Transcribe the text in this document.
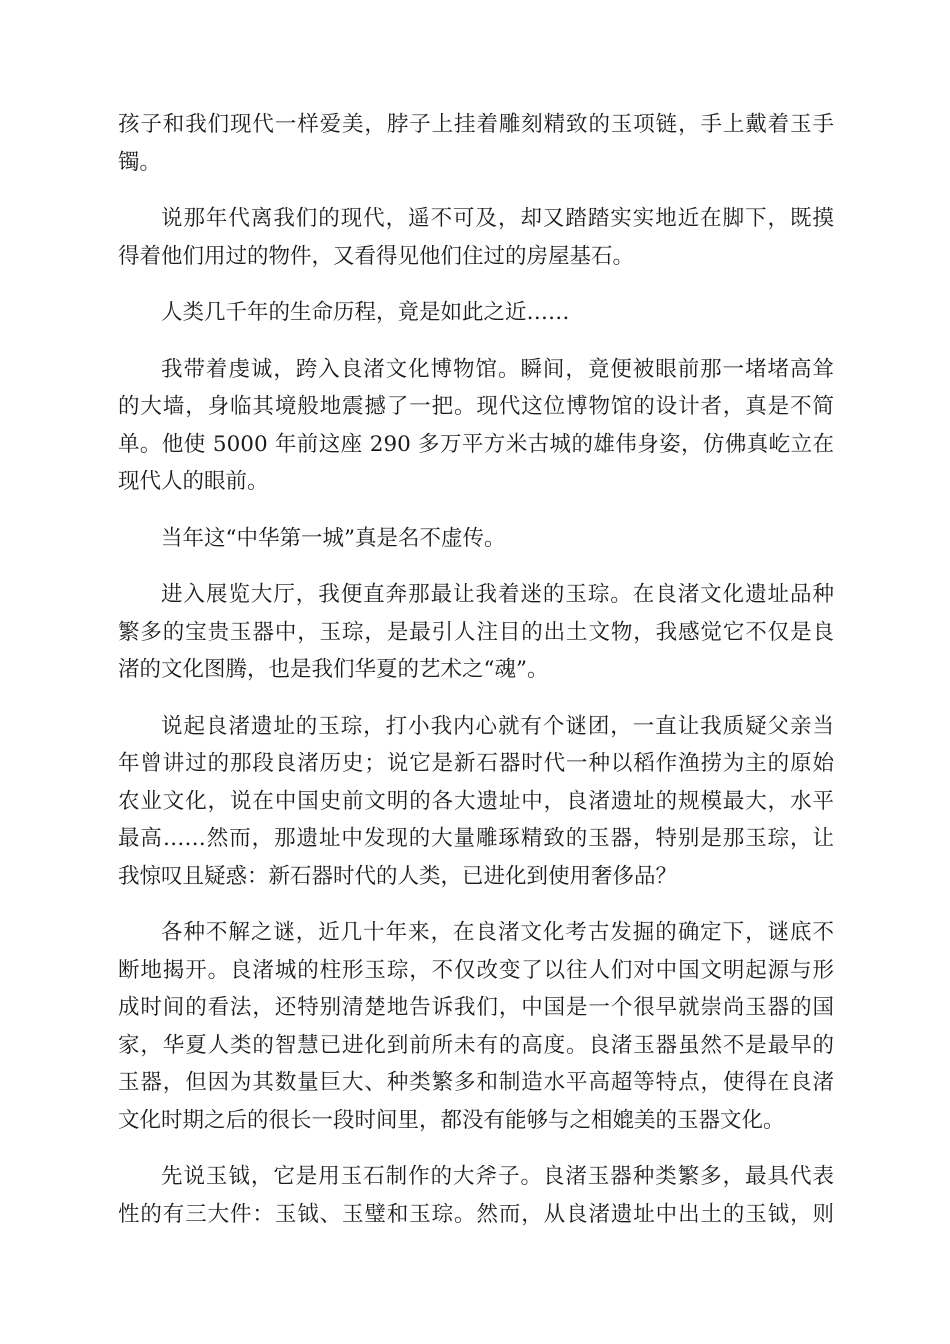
孩子和我们现代一样爱美，脖子上挂着雕刻精致的玉项链，手上戴着玉手
镯。
说那年代离我们的现代，遥不可及，却又踏踏实实地近在脚下，既摸
得着他们用过的物件，又看得见他们住过的房屋基石。
人类几千年的生命历程，竟是如此之近……
我带着虔诚，跨入良渚文化博物馆。瞬间，竟便被眼前那一堵堵高耸
的大墙，身临其境般地震撼了一把。现代这位博物馆的设计者，真是不简
单。他使 5000 年前这座 290 多万平方米古城的雄伟身姿，仿佛真屹立在
现代人的眼前。
当年这“中华第一城”真是名不虚传。
进入展览大厅，我便直奔那最让我着迷的玉琮。在良渚文化遗址品种
繁多的宝贵玉器中，玉琮，是最引人注目的出土文物，我感觉它不仅是良
渚的文化图腾，也是我们华夏的艺术之“魂”。
说起良渚遗址的玉琮，打小我内心就有个谜团，一直让我质疑父亲当
年曾讲过的那段良渚历史；说它是新石器时代一种以稻作渔捞为主的原始
农业文化，说在中国史前文明的各大遗址中，良渚遗址的规模最大，水平
最高……然而，那遗址中发现的大量雕琢精致的玉器，特别是那玉琮，让
我惊叹且疑惑：新石器时代的人类，已进化到使用奢侈品？
各种不解之谜，近几十年来，在良渚文化考古发掘的确定下，谜底不
断地揭开。良渚城的柱形玉琮，不仅改变了以往人们对中国文明起源与形
成时间的看法，还特别清楚地告诉我们，中国是一个很早就崇尚玉器的国
家，华夏人类的智慧已进化到前所未有的高度。良渚玉器虽然不是最早的
玉器，但因为其数量巨大、种类繁多和制造水平高超等特点，使得在良渚
文化时期之后的很长一段时间里，都没有能够与之相媲美的玉器文化。
先说玉钺，它是用玉石制作的大斧子。良渚玉器种类繁多，最具代表
性的有三大件：玉钺、玉璧和玉琮。然而，从良渚遗址中出土的玉钺，则
